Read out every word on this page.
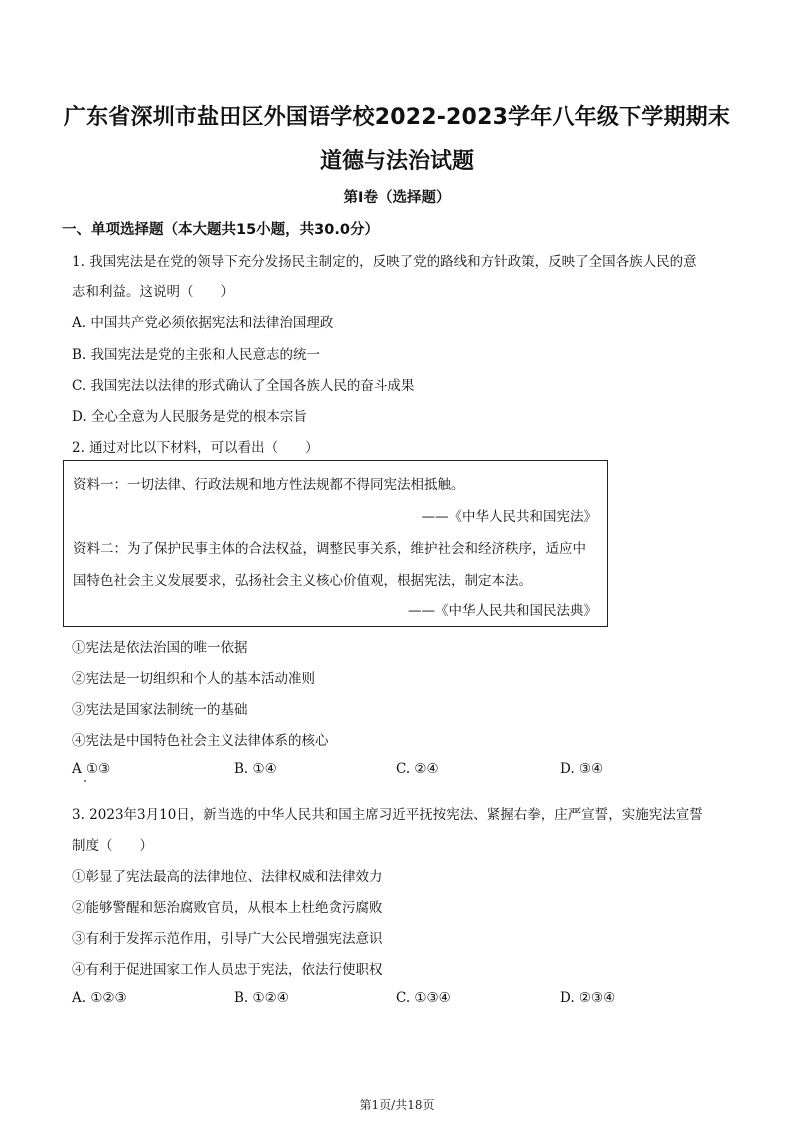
广东省深圳市盐田区外国语学校2022-2023学年八年级下学期期末
道德与法治试题
第Ⅰ卷（选择题）
一、单项选择题（本大题共15小题，共30.0分）
1. 我国宪法是在党的领导下充分发扬民主制定的，反映了党的路线和方针政策，反映了全国各族人民的意
志和利益。这说明（　　）
A. 中国共产党必须依据宪法和法律治国理政
B. 我国宪法是党的主张和人民意志的统一
C. 我国宪法以法律的形式确认了全国各族人民的奋斗成果
D. 全心全意为人民服务是党的根本宗旨
2. 通过对比以下材料，可以看出（　　）
资料一：一切法律、行政法规和地方性法规都不得同宪法相抵触。
——《中华人民共和国宪法》
资料二：为了保护民事主体的合法权益，调整民事关系，维护社会和经济秩序，适应中
国特色社会主义发展要求，弘扬社会主义核心价值观，根据宪法，制定本法。
——《中华人民共和国民法典》
①宪法是依法治国的唯一依据
②宪法是一切组织和个人的基本活动准则
③宪法是国家法制统一的基础
④宪法是中国特色社会主义法律体系的核心
A ①③	B. ①④	C. ②④	D. ③④
3. 2023年3月10日，新当选的中华人民共和国主席习近平抚按宪法、紧握右拳，庄严宣誓，实施宪法宣誓
制度（　　）
①彰显了宪法最高的法律地位、法律权威和法律效力
②能够警醒和惩治腐败官员，从根本上杜绝贪污腐败
③有利于发挥示范作用，引导广大公民增强宪法意识
④有利于促进国家工作人员忠于宪法，依法行使职权
A. ①②③	B. ①②④	C. ①③④	D. ②③④
第1页/共18页
